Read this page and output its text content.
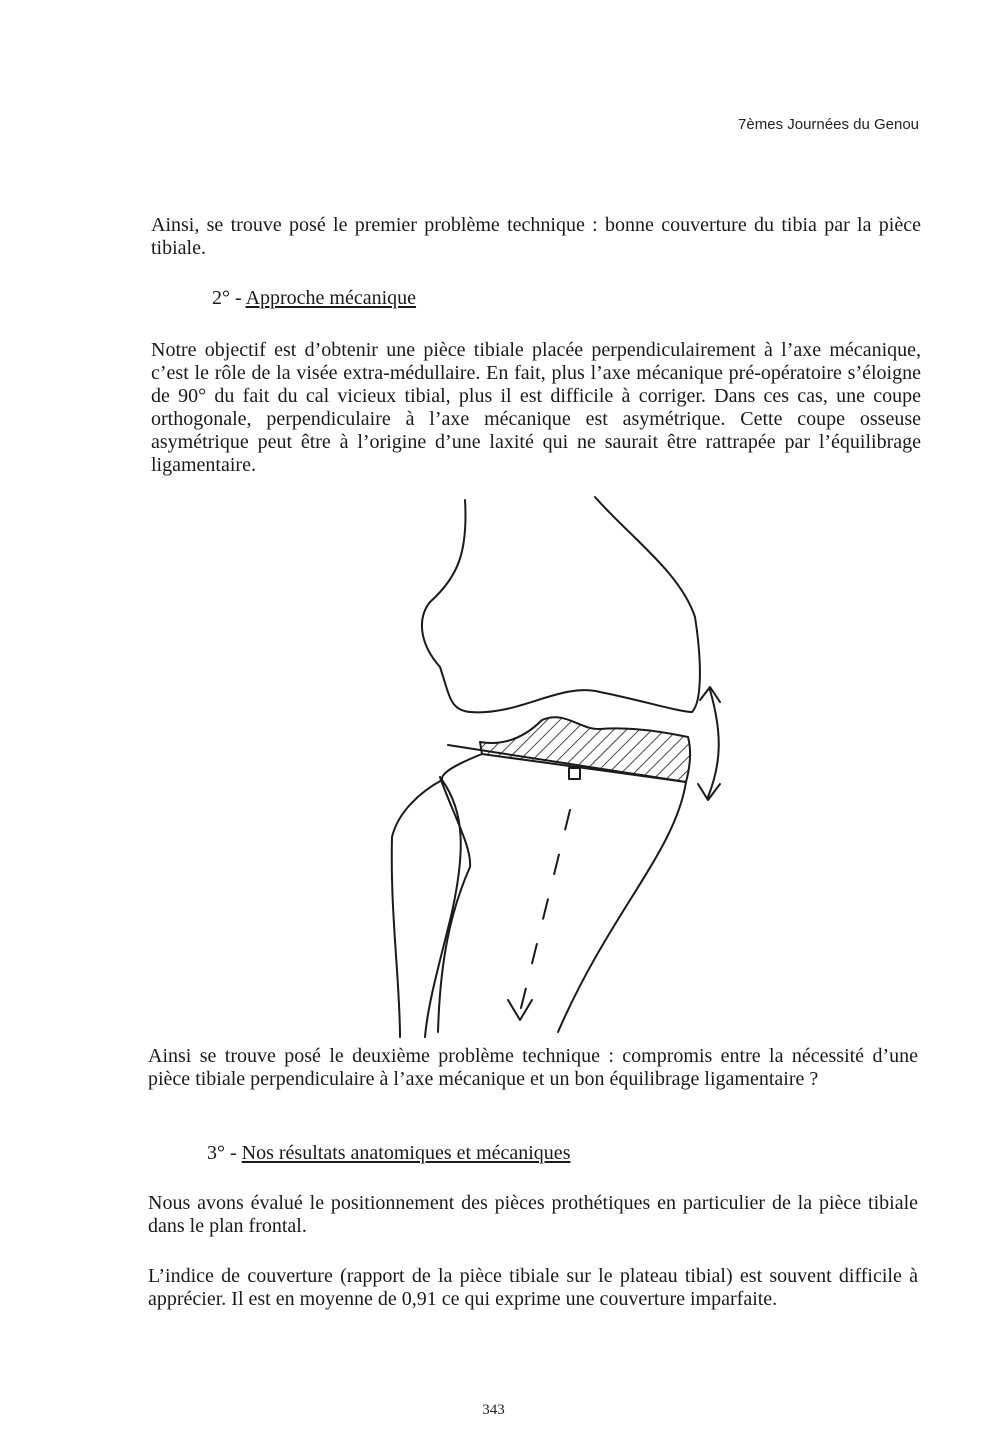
7èmes Journées du Genou

Ainsi, se trouve posé le premier problème technique : bonne couverture du tibia par la pièce tibiale.

2° - Approche mécanique

Notre objectif est d’obtenir une pièce tibiale placée perpendiculairement à l’axe mécanique, c’est le rôle de la visée extra-médullaire. En fait, plus l’axe mécanique pré-opératoire s’éloigne de 90° du fait du cal vicieux tibial, plus il est difficile à corriger. Dans ces cas, une coupe orthogonale, perpendiculaire à l’axe mécanique est asymétrique. Cette coupe osseuse asymétrique peut être à l’origine d’une laxité qui ne saurait être rattrapée par l’équilibrage ligamentaire.

Ainsi se trouve posé le deuxième problème technique : compromis entre la nécessité d’une pièce tibiale perpendiculaire à l’axe mécanique et un bon équilibrage ligamentaire ?

3° - Nos résultats anatomiques et mécaniques

Nous avons évalué le positionnement des pièces prothétiques en particulier de la pièce tibiale dans le plan frontal.

L’indice de couverture (rapport de la pièce tibiale sur le plateau tibial) est souvent difficile à apprécier. Il est en moyenne de 0,91 ce qui exprime une couverture imparfaite.

343
